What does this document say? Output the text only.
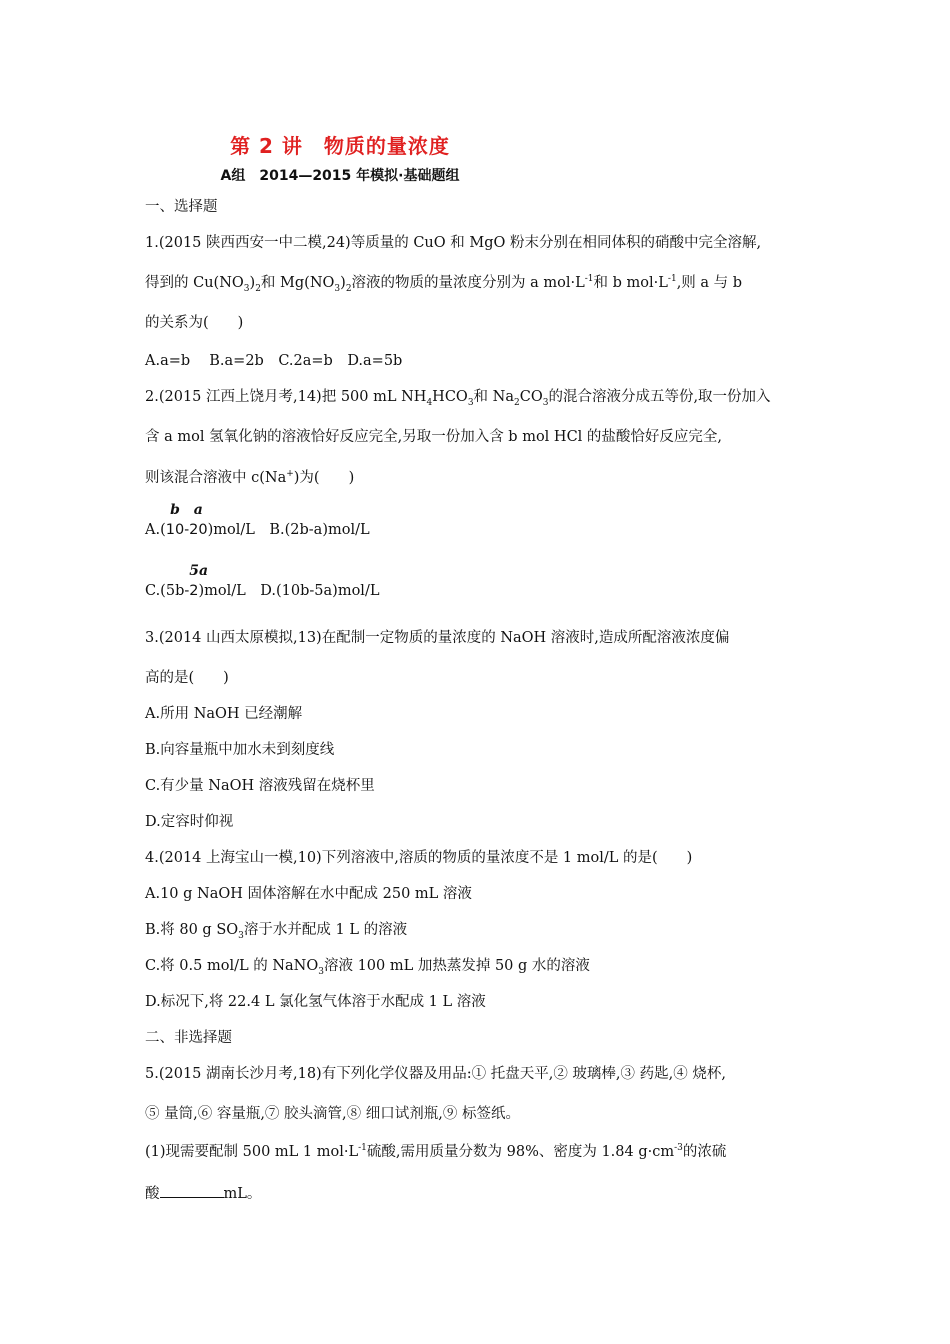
第 2 讲　物质的量浓度
A组　2014—2015 年模拟·基础题组
一、选择题
1.(2015 陕西西安一中二模,24)等质量的 CuO 和 MgO 粉末分别在相同体积的硝酸中完全溶解,
得到的 $Cu(NO_3)_2$和 $Mg(NO_3)_2$溶液的物质的量浓度分别为 a $mol\cdot L^{-1}$和 b $mol\cdot L^{-1}$,则 a 与 b
的关系为(　　)
A.a=b　 B.a=2b　C.2a=b　D.a=5b
2.(2015 江西上饶月考,14)把 500 mL $NH_4HCO_3$和 $Na_2CO_3$的混合溶液分成五等份,取一份加入
含 a mol 氢氧化钠的溶液恰好反应完全,另取一份加入含 b mol HCl 的盐酸恰好反应完全,
则该混合溶液中 c(Na+)为(　　)
A.(
b
10-
a
20)mol/L　B.(2b-a)mol/L
C.(5b-
5a
2)mol/L　D.(10b-5a)mol/L
3.(2014 山西太原模拟,13)在配制一定物质的量浓度的 NaOH 溶液时,造成所配溶液浓度偏
高的是(　　)
A.所用 NaOH 已经潮解
B.向容量瓶中加水未到刻度线
C.有少量 NaOH 溶液残留在烧杯里
D.定容时仰视
4.(2014 上海宝山一模,10)下列溶液中,溶质的物质的量浓度不是 1 mol/L 的是(　　)
A.10 g NaOH 固体溶解在水中配成 250 mL 溶液
B.将 80 g $SO_3$溶于水并配成 1 L 的溶液
C.将 0.5 mol/L 的 NaNO$_3$溶液 100 mL 加热蒸发掉 50 g 水的溶液
D.标况下,将 22.4 L 氯化氢气体溶于水配成 1 L 溶液
二、非选择题
5.(2015 湖南长沙月考,18)有下列化学仪器及用品:① 托盘天平,② 玻璃棒,③ 药匙,④ 烧杯,
⑤ 量筒,⑥ 容量瓶,⑦ 胶头滴管,⑧ 细口试剂瓶,⑨ 标签纸。
(1)现需要配制 500 mL 1 $mol\cdot L^{-1}$硫酸,需用质量分数为 98%、密度为 1.84 $g\cdot cm^{-3}$的浓硫
酸	mL。
